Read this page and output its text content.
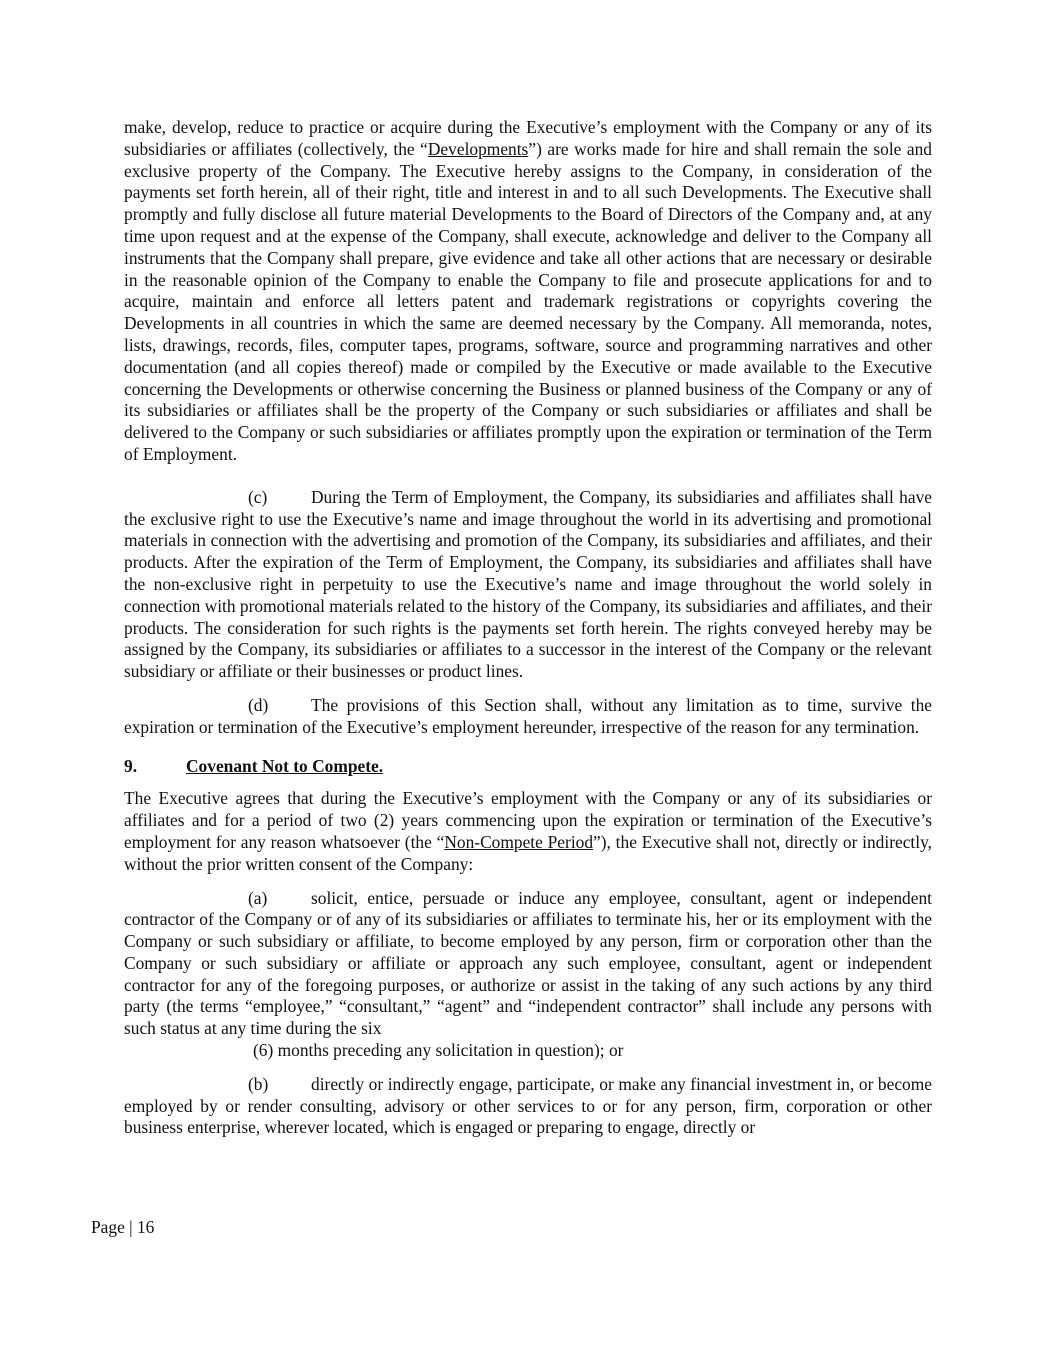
make, develop, reduce to practice or acquire during the Executive’s employment with the Company or any of its subsidiaries or affiliates (collectively, the “Developments”) are works made for hire and shall remain the sole and exclusive property of the Company. The Executive hereby assigns to the Company, in consideration of the payments set forth herein, all of their right, title and interest in and to all such Developments. The Executive shall promptly and fully disclose all future material Developments to the Board of Directors of the Company and, at any time upon request and at the expense of the Company, shall execute, acknowledge and deliver to the Company all instruments that the Company shall prepare, give evidence and take all other actions that are necessary or desirable in the reasonable opinion of the Company to enable the Company to file and prosecute applications for and to acquire, maintain and enforce all letters patent and trademark registrations or copyrights covering the Developments in all countries in which the same are deemed necessary by the Company. All memoranda, notes, lists, drawings, records, files, computer tapes, programs, software, source and programming narratives and other documentation (and all copies thereof) made or compiled by the Executive or made available to the Executive concerning the Developments or otherwise concerning the Business or planned business of the Company or any of its subsidiaries or affiliates shall be the property of the Company or such subsidiaries or affiliates and shall be delivered to the Company or such subsidiaries or affiliates promptly upon the expiration or termination of the Term of Employment.

(c)	During the Term of Employment, the Company, its subsidiaries and affiliates shall have the exclusive right to use the Executive’s name and image throughout the world in its advertising and promotional materials in connection with the advertising and promotion of the Company, its subsidiaries and affiliates, and their products. After the expiration of the Term of Employment, the Company, its subsidiaries and affiliates shall have the non-exclusive right in perpetuity to use the Executive’s name and image throughout the world solely in connection with promotional materials related to the history of the Company, its subsidiaries and affiliates, and their products. The consideration for such rights is the payments set forth herein. The rights conveyed hereby may be assigned by the Company, its subsidiaries or affiliates to a successor in the interest of the Company or the relevant subsidiary or affiliate or their businesses or product lines.

(d) The provisions of this Section shall, without any limitation as to time, survive the expiration or termination of the Executive’s employment hereunder, irrespective of the reason for any termination.

9.	Covenant Not to Compete.

The Executive agrees that during the Executive’s employment with the Company or any of its subsidiaries or affiliates and for a period of two (2) years commencing upon the expiration or termination of the Executive’s employment for any reason whatsoever (the “Non-Compete Period”), the Executive shall not, directly or indirectly, without the prior written consent of the Company:

(a)	solicit, entice, persuade or induce any employee, consultant, agent or independent contractor of the Company or of any of its subsidiaries or affiliates to terminate his, her or its employment with the Company or such subsidiary or affiliate, to become employed by any person, firm or corporation other than the Company or such subsidiary or affiliate or approach any such employee, consultant, agent or independent contractor for any of the foregoing purposes, or authorize or assist in the taking of any such actions by any third party (the terms “employee,” “consultant,” “agent” and “independent contractor” shall include any persons with such status at any time during the six

(6) months preceding any solicitation in question); or

(b) directly or indirectly engage, participate, or make any financial investment in, or become employed by or render consulting, advisory or other services to or for any person, firm, corporation or other business enterprise, wherever located, which is engaged or preparing to engage, directly or

Page | 16
